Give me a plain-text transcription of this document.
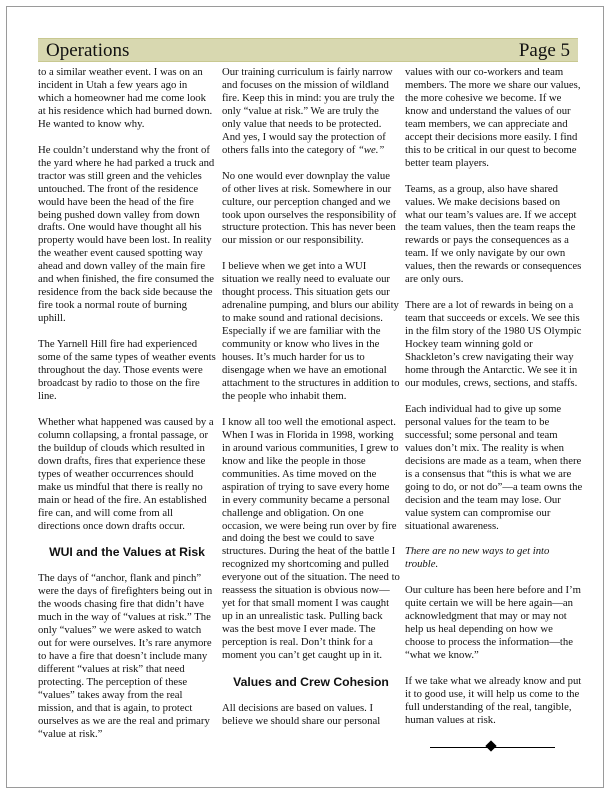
Operations	Page 5

to a similar weather event. I was on an incident in Utah a few years ago in which a homeowner had me come look at his residence which had burned down. He wanted to know why.

He couldn’t understand why the front of the yard where he had parked a truck and tractor was still green and the vehicles untouched. The front of the residence would have been the head of the fire being pushed down valley from down drafts. One would have thought all his property would have been lost. In reality the weather event caused spotting way ahead and down valley of the main fire and when finished, the fire consumed the residence from the back side because the fire took a normal route of burning uphill.

The Yarnell Hill fire had experienced some of the same types of weather events throughout the day. Those events were broadcast by radio to those on the fire line.

Whether what happened was caused by a column collapsing, a frontal passage, or the buildup of clouds which resulted in down drafts, fires that experience these types of weather occurrences should make us mindful that there is really no main or head of the fire. An established fire can, and will come from all directions once down drafts occur.

WUI and the Values at Risk

The days of “anchor, flank and pinch” were the days of firefighters being out in the woods chasing fire that didn’t have much in the way of “values at risk.” The only “values” we were asked to watch out for were ourselves. It’s rare anymore to have a fire that doesn’t include many different “values at risk” that need protecting. The perception of these “values” takes away from the real mission, and that is again, to protect ourselves as we are the real and primary “value at risk.”

Our training curriculum is fairly narrow and focuses on the mission of wildland fire. Keep this in mind: you are truly the only “value at risk.” We are truly the only value that needs to be protected. And yes, I would say the protection of others falls into the category of “we.”

No one would ever downplay the value of other lives at risk. Somewhere in our culture, our perception changed and we took upon ourselves the responsibility of structure protection. This has never been our mission or our responsibility.

I believe when we get into a WUI situation we really need to evaluate our thought process. This situation gets our adrenaline pumping, and blurs our ability to make sound and rational decisions. Especially if we are familiar with the community or know who lives in the houses. It’s much harder for us to disengage when we have an emotional attachment to the structures in addition to the people who inhabit them.

I know all too well the emotional aspect. When I was in Florida in 1998, working in around various communities, I grew to know and like the people in those communities. As time moved on the aspiration of trying to save every home in every community became a personal challenge and obligation. On one occasion, we were being run over by fire and doing the best we could to save structures. During the heat of the battle I recognized my shortcoming and pulled everyone out of the situation. The need to reassess the situation is obvious now—yet for that small moment I was caught up in an unrealistic task. Pulling back was the best move I ever made. The perception is real. Don’t think for a moment you can’t get caught up in it.

Values and Crew Cohesion

All decisions are based on values. I believe we should share our personal

values with our co-workers and team members. The more we share our values, the more cohesive we become. If we know and understand the values of our team members, we can appreciate and accept their decisions more easily. I find this to be critical in our quest to become better team players.

Teams, as a group, also have shared values. We make decisions based on what our team’s values are. If we accept the team values, then the team reaps the rewards or pays the consequences as a team. If we only navigate by our own values, then the rewards or consequences are only ours.

There are a lot of rewards in being on a team that succeeds or excels. We see this in the film story of the 1980 US Olympic Hockey team winning gold or Shackleton’s crew navigating their way home through the Antarctic. We see it in our modules, crews, sections, and staffs.

Each individual had to give up some personal values for the team to be successful; some personal and team values don’t mix. The reality is when decisions are made as a team, when there is a consensus that “this is what we are going to do, or not do”—a team owns the decision and the team may lose. Our value system can compromise our situational awareness.

There are no new ways to get into trouble.

Our culture has been here before and I’m quite certain we will be here again—an acknowledgment that may or may not help us heal depending on how we choose to process the information—the “what we know.”

If we take what we already know and put it to good use, it will help us come to the full understanding of the real, tangible, human values at risk.
